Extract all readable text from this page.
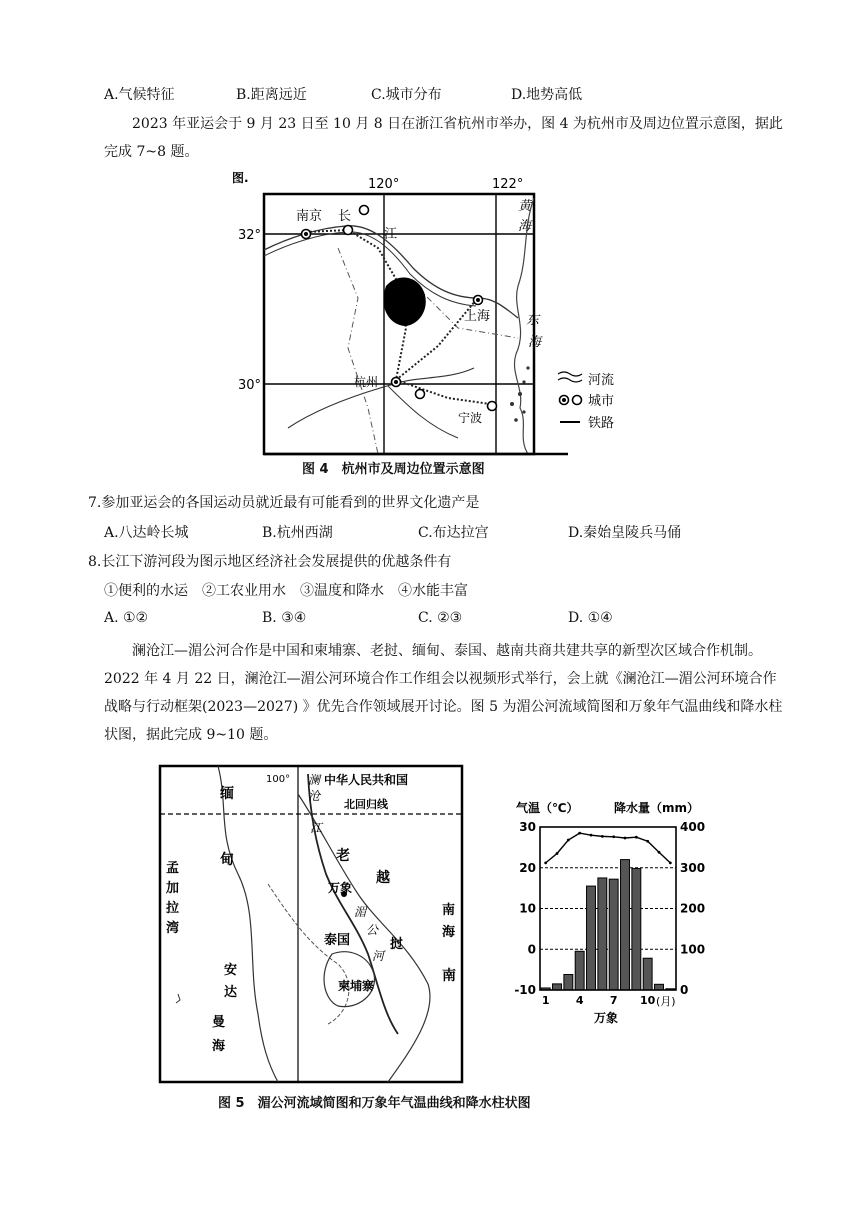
A.气候特征	B.距离远近	C.城市分布	D.地势高低
2023 年亚运会于 9 月 23 日至 10 月 8 日在浙江省杭州市举办，图 4 为杭州市及周边位置示意图，据此完成 7~8 题。
图.	120°	122°
32°
30°
南京 长
江
上海
杭州
宁波
黄
海
东
海
河流
城市
铁路
图 4　杭州市及周边位置示意图
7.参加亚运会的各国运动员就近最有可能看到的世界文化遗产是
A.八达岭长城	B.杭州西湖	C.布达拉宫	D.秦始皇陵兵马俑
8.长江下游河段为图示地区经济社会发展提供的优越条件有
①便利的水运　②工农业用水　③温度和降水　④水能丰富
A. ①②	B. ③④	C. ②③	D. ①④
澜沧江—湄公河合作是中国和柬埔寨、老挝、缅甸、泰国、越南共商共建共享的新型次区域合作机制。2022 年 4 月 22 日，澜沧江—湄公河环境合作工作组会以视频形式举行，会上就《澜沧江—湄公河环境合作战略与行动框架(2023—2027) 》优先合作领域展开讨论。图 5 为湄公河流域简图和万象年气温曲线和降水柱状图，据此完成 9~10 题。
100°	中华人民共和国
北回归线
澜
沧
江
缅
甸
孟
加
拉
湾
安
达
曼
海
老
越
南
挝
万象
泰国
柬埔寨
湄
公
河
南
海
气温（℃）	降水量（mm）
30
20
10
0
-10
400
300
200
100
0
1 4 7 10
万象
(月)
图 5　湄公河流域简图和万象年气温曲线和降水柱状图
